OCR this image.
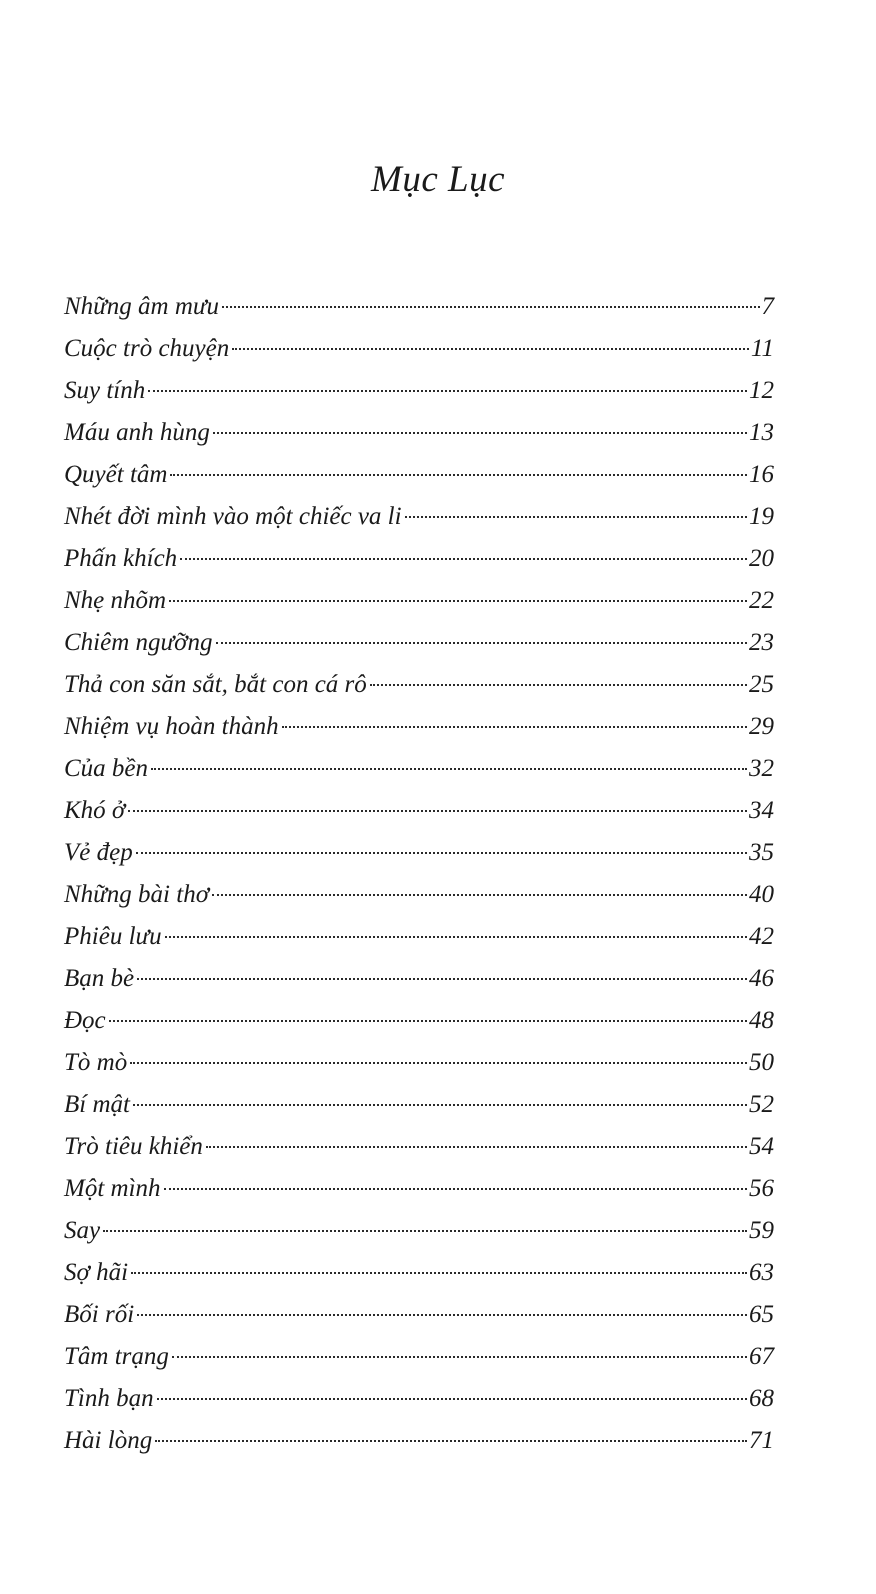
Mục Lục
Những âm mưu	7
Cuộc trò chuyện	11
Suy tính	12
Máu anh hùng	13
Quyết tâm	16
Nhét đời mình vào một chiếc va li	19
Phấn khích	20
Nhẹ nhõm	22
Chiêm ngưỡng	23
Thả con săn sắt, bắt con cá rô	25
Nhiệm vụ hoàn thành	29
Của bền	32
Khó ở	34
Vẻ đẹp	35
Những bài thơ	40
Phiêu lưu	42
Bạn bè	46
Đọc	48
Tò mò	50
Bí mật	52
Trò tiêu khiển	54
Một mình	56
Say	59
Sợ hãi	63
Bối rối	65
Tâm trạng	67
Tình bạn	68
Hài lòng	71
